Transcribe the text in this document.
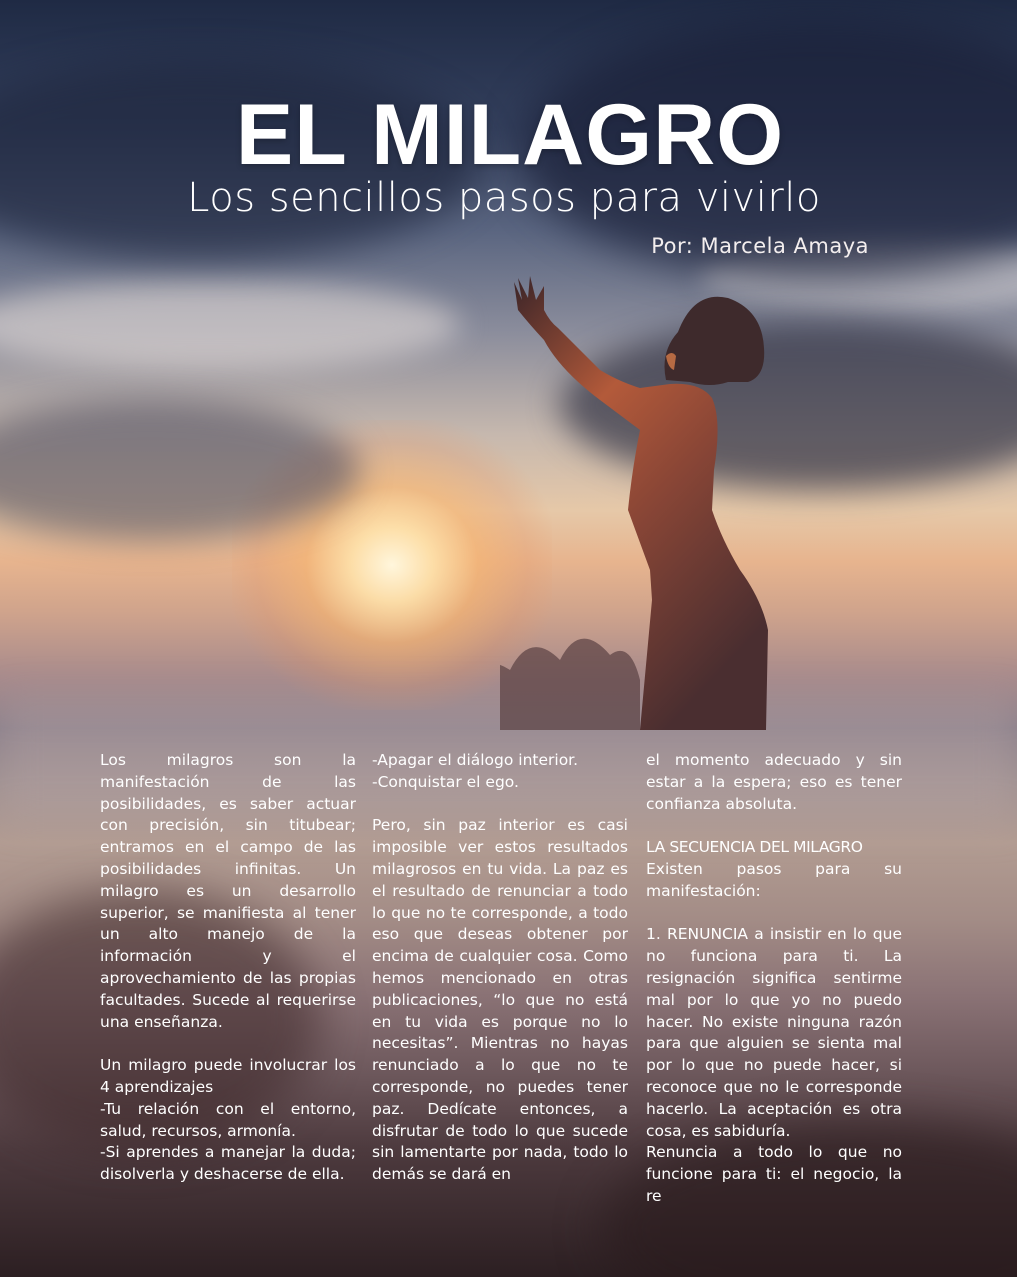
EL MILAGRO
Los sencillos pasos para vivirlo

Por: Marcela Amaya

Los milagros son la manifestación de las posibilidades, es saber actuar con precisión, sin titubear; entramos en el campo de las posibilidades infinitas. Un milagro es un desarrollo superior, se manifiesta al tener un alto manejo de la información y el aprovechamiento de las propias facultades. Sucede al requerirse una enseñanza.

Un milagro puede involucrar los 4 aprendizajes

-Tu relación con el entorno, salud, recursos, armonía.

-Si aprendes a manejar la duda; disolverla y deshacerse de ella.

-Apagar el diálogo interior.

-Conquistar el ego.

Pero, sin paz interior es casi imposible ver estos resultados milagrosos en tu vida. La paz es el resultado de renunciar a todo lo que no te corresponde, a todo eso que deseas obtener por encima de cualquier cosa. Como hemos mencionado en otras publicaciones, “lo que no está en tu vida es porque no lo necesitas”. Mientras no hayas renunciado a lo que no te corresponde, no puedes tener paz. Dedícate entonces, a disfrutar de todo lo que sucede sin lamentarte por nada, todo lo demás se dará en

el momento adecuado y sin estar a la espera; eso es tener confianza absoluta.

LA SECUENCIA DEL MILAGRO

Existen pasos para su manifestación:

1. RENUNCIA a insistir en lo que no funciona para ti. La resignación significa sentirme mal por lo que yo no puedo hacer. No existe ninguna razón para que alguien se sienta mal por lo que no puede hacer, si reconoce que no le corresponde hacerlo. La aceptación es otra cosa, es sabiduría.

Renuncia a todo lo que no funcione para ti: el negocio, la re
